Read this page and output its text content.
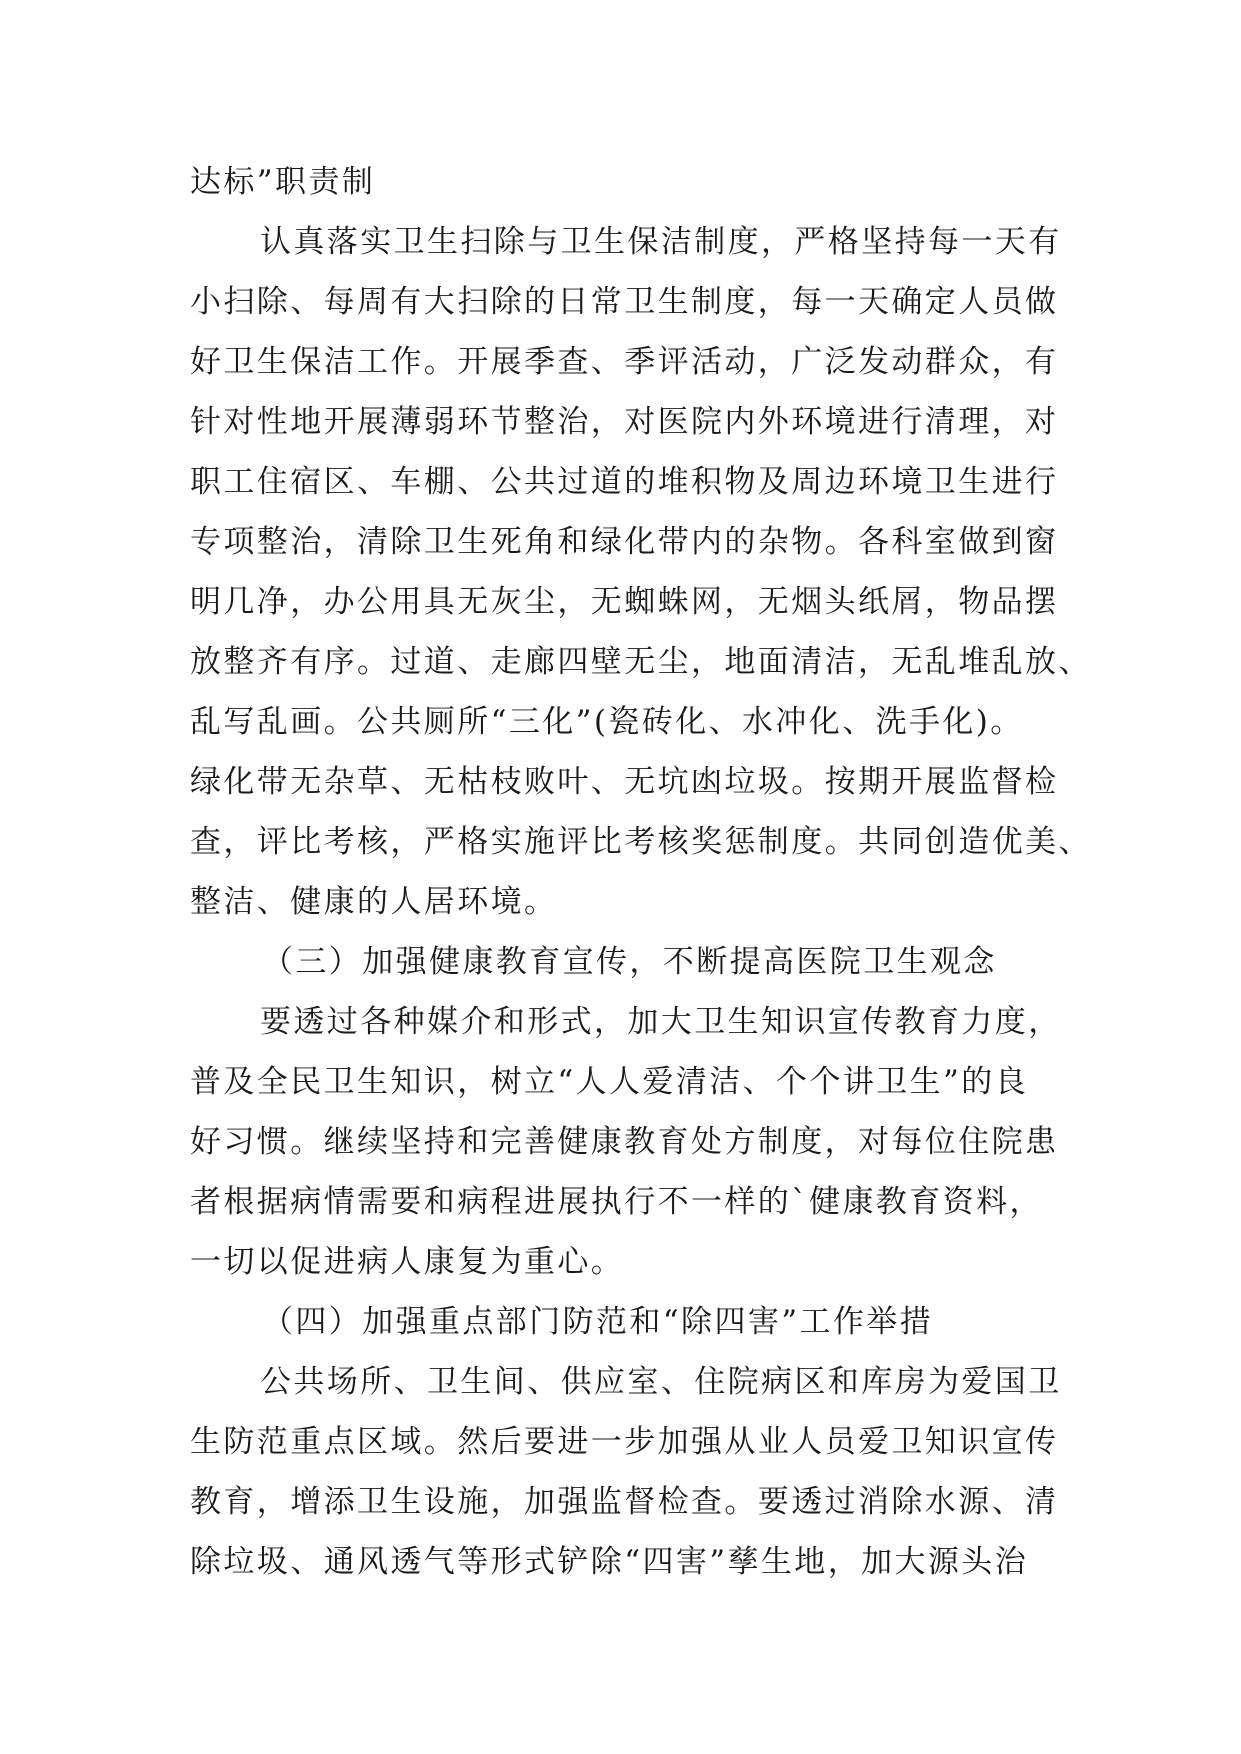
达标”职责制
认真落实卫生扫除与卫生保洁制度，严格坚持每一天有
小扫除、每周有大扫除的日常卫生制度，每一天确定人员做
好卫生保洁工作。开展季查、季评活动，广泛发动群众，有
针对性地开展薄弱环节整治，对医院内外环境进行清理，对
职工住宿区、车棚、公共过道的堆积物及周边环境卫生进行
专项整治，清除卫生死角和绿化带内的杂物。各科室做到窗
明几净，办公用具无灰尘，无蜘蛛网，无烟头纸屑，物品摆
放整齐有序。过道、走廊四壁无尘，地面清洁，无乱堆乱放、
乱写乱画。公共厕所“三化”(瓷砖化、水冲化、洗手化)。
绿化带无杂草、无枯枝败叶、无坑凼垃圾。按期开展监督检
查，评比考核，严格实施评比考核奖惩制度。共同创造优美、
整洁、健康的人居环境。
（三）加强健康教育宣传，不断提高医院卫生观念
要透过各种媒介和形式，加大卫生知识宣传教育力度，
普及全民卫生知识，树立“人人爱清洁、个个讲卫生”的良
好习惯。继续坚持和完善健康教育处方制度，对每位住院患
者根据病情需要和病程进展执行不一样的`健康教育资料，
一切以促进病人康复为重心。
（四）加强重点部门防范和“除四害”工作举措
公共场所、卫生间、供应室、住院病区和库房为爱国卫
生防范重点区域。然后要进一步加强从业人员爱卫知识宣传
教育，增添卫生设施，加强监督检查。要透过消除水源、清
除垃圾、通风透气等形式铲除“四害”孳生地，加大源头治
